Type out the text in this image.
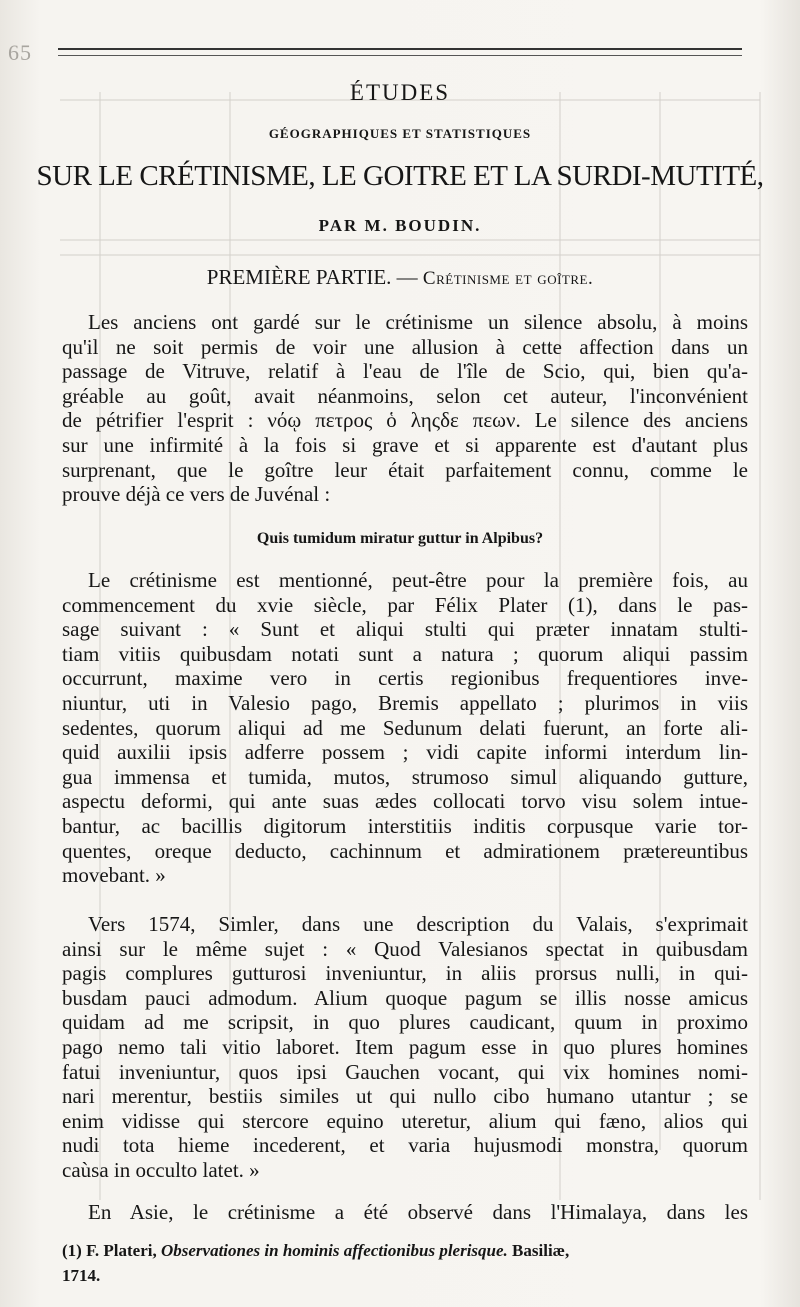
65
ÉTUDES
GÉOGRAPHIQUES ET STATISTIQUES
SUR LE CRÉTINISME, LE GOITRE ET LA SURDI-MUTITÉ,
PAR M. BOUDIN.
PREMIÈRE PARTIE. — Crétinisme et goître.
Les anciens ont gardé sur le crétinisme un silence absolu, à moins
qu'il ne soit permis de voir une allusion à cette affection dans un
passage de Vitruve, relatif à l'eau de l'île de Scio, qui, bien qu'a-
gréable au goût, avait néanmoins, selon cet auteur, l'inconvénient
de pétrifier l'esprit : νόῳ πετρος ὁ ληςδε πεων. Le silence des anciens
sur une infirmité à la fois si grave et si apparente est d'autant plus
surprenant, que le goître leur était parfaitement connu, comme le
prouve déjà ce vers de Juvénal :
Quis tumidum miratur guttur in Alpibus?
Le crétinisme est mentionné, peut-être pour la première fois, au
commencement du xvie siècle, par Félix Plater (1), dans le pas-
sage suivant : « Sunt et aliqui stulti qui præter innatam stulti-
tiam vitiis quibusdam notati sunt a natura ; quorum aliqui passim
occurrunt, maxime vero in certis regionibus frequentiores inve-
niuntur, uti in Valesio pago, Bremis appellato ; plurimos in viis
sedentes, quorum aliqui ad me Sedunum delati fuerunt, an forte ali-
quid auxilii ipsis adferre possem ; vidi capite informi interdum lin-
gua immensa et tumida, mutos, strumoso simul aliquando gutture,
aspectu deformi, qui ante suas ædes collocati torvo visu solem intue-
bantur, ac bacillis digitorum interstitiis inditis corpusque varie tor-
quentes, oreque deducto, cachinnum et admirationem prætereuntibus
movebant. »
Vers 1574, Simler, dans une description du Valais, s'exprimait
ainsi sur le même sujet : « Quod Valesianos spectat in quibusdam
pagis complures gutturosi inveniuntur, in aliis prorsus nulli, in qui-
busdam pauci admodum. Alium quoque pagum se illis nosse amicus
quidam ad me scripsit, in quo plures caudicant, quum in proximo
pago nemo tali vitio laboret. Item pagum esse in quo plures homines
fatui inveniuntur, quos ipsi Gauchen vocant, qui vix homines nomi-
nari merentur, bestiis similes ut qui nullo cibo humano utantur ; se
enim vidisse qui stercore equino uteretur, alium qui fæno, alios qui
nudi tota hieme incederent, et varia hujusmodi monstra, quorum
caùsa in occulto latet. »
En Asie, le crétinisme a été observé dans l'Himalaya, dans les
(1) F. Plateri, Observationes in hominis affectionibus plerisque. Basiliæ,
1714.
